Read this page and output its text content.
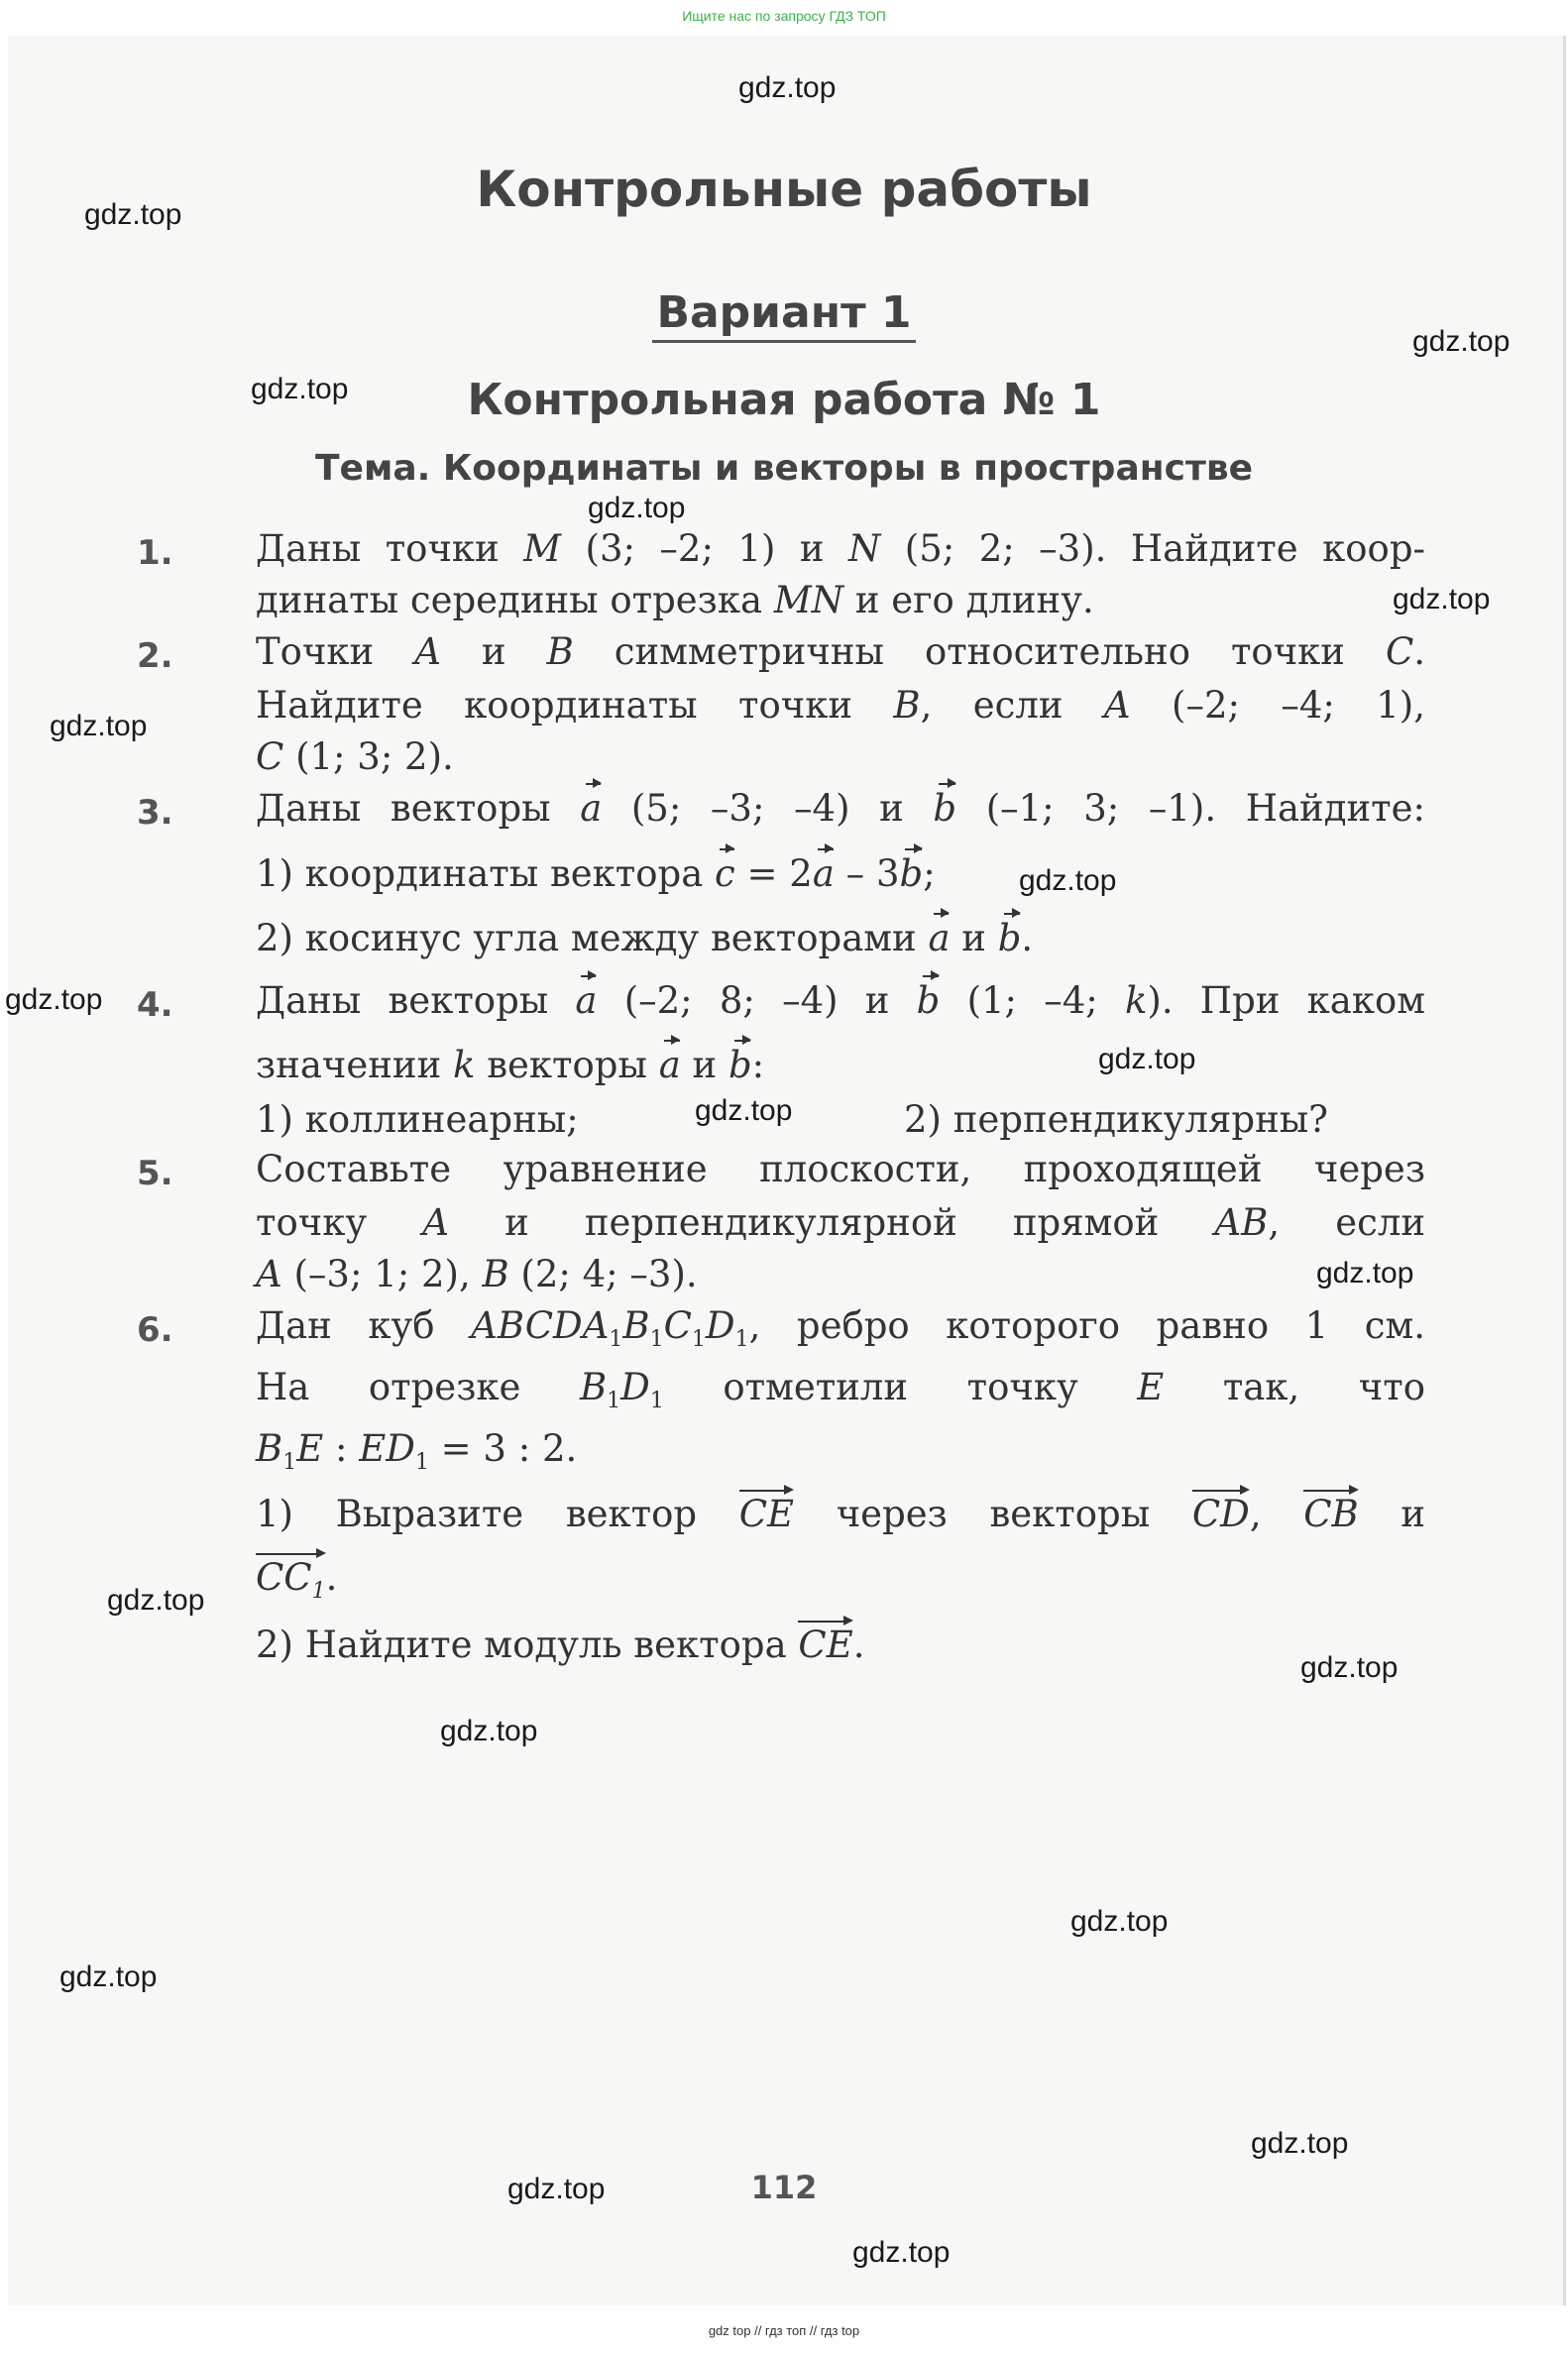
Ищите нас по запросу ГДЗ ТОП
Контрольные работы
Вариант 1
Контрольная работа № 1
Тема. Координаты и векторы в пространстве
1. Даны точки M (3; –2; 1) и N (5; 2; –3). Найдите коор-
динаты середины отрезка MN и его длину.
2. Точки A и B симметричны относительно точки C.
Найдите координаты точки B, если A (–2; –4; 1),
C (1; 3; 2).
3. Даны векторы a (5; –3; –4) и b (–1; 3; –1). Найдите:
1) координаты вектора c = 2a – 3b;
2) косинус угла между векторами a и b.
4. Даны векторы a (–2; 8; –4) и b (1; –4; k). При каком
значении k векторы a и b:
1) коллинеарны;	2) перпендикулярны?
5. Составьте уравнение плоскости, проходящей через
точку A и перпендикулярной прямой AB, если
A (–3; 1; 2), B (2; 4; –3).
6. Дан куб $ABCDA_1B_1C_1D_1$, ребро которого равно 1 см.
На отрезке $B_1D_1$ отметили точку E так, что
$B_1E$ : $ED_1 = 3$ : 2.
1) Выразите вектор CE через векторы CD, CB и
$CC_1$.
2) Найдите модуль вектора CE.
112
gdz.top
gdz.top
gdz.top
gdz.top
gdz.top
gdz.top
gdz.top
gdz.top
gdz.top
gdz.top
gdz.top
gdz.top
gdz.top
gdz.top
gdz.top
gdz.top
gdz.top
gdz.top
gdz.top
gdz.top
gdz top // гдз топ // гдз top
